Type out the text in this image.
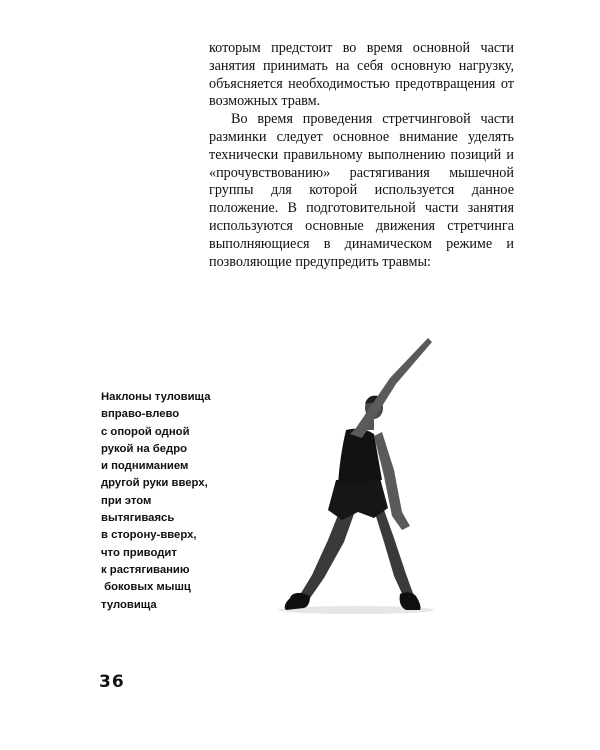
которым предстоит во время основной части занятия принимать на себя основную нагрузку, объясняется необходимостью предотвращения от возможных травм.

Во время проведения стретчинговой части разминки следует основное внимание уделять технически правильному выполнению позиций и «прочувствованию» растягивания мышечной группы для которой используется данное положение. В подготовительной части занятия используются основные движения стретчинга выполняющиеся в динамическом режиме и позволяющие предупредить травмы:

Наклоны туловища
вправо-влево
с опорой одной
рукой на бедро
и подниманием
другой руки вверх,
при этом
вытягиваясь
в сторону-вверх,
что приводит
к растягиванию
боковых мышц
туловища
36
